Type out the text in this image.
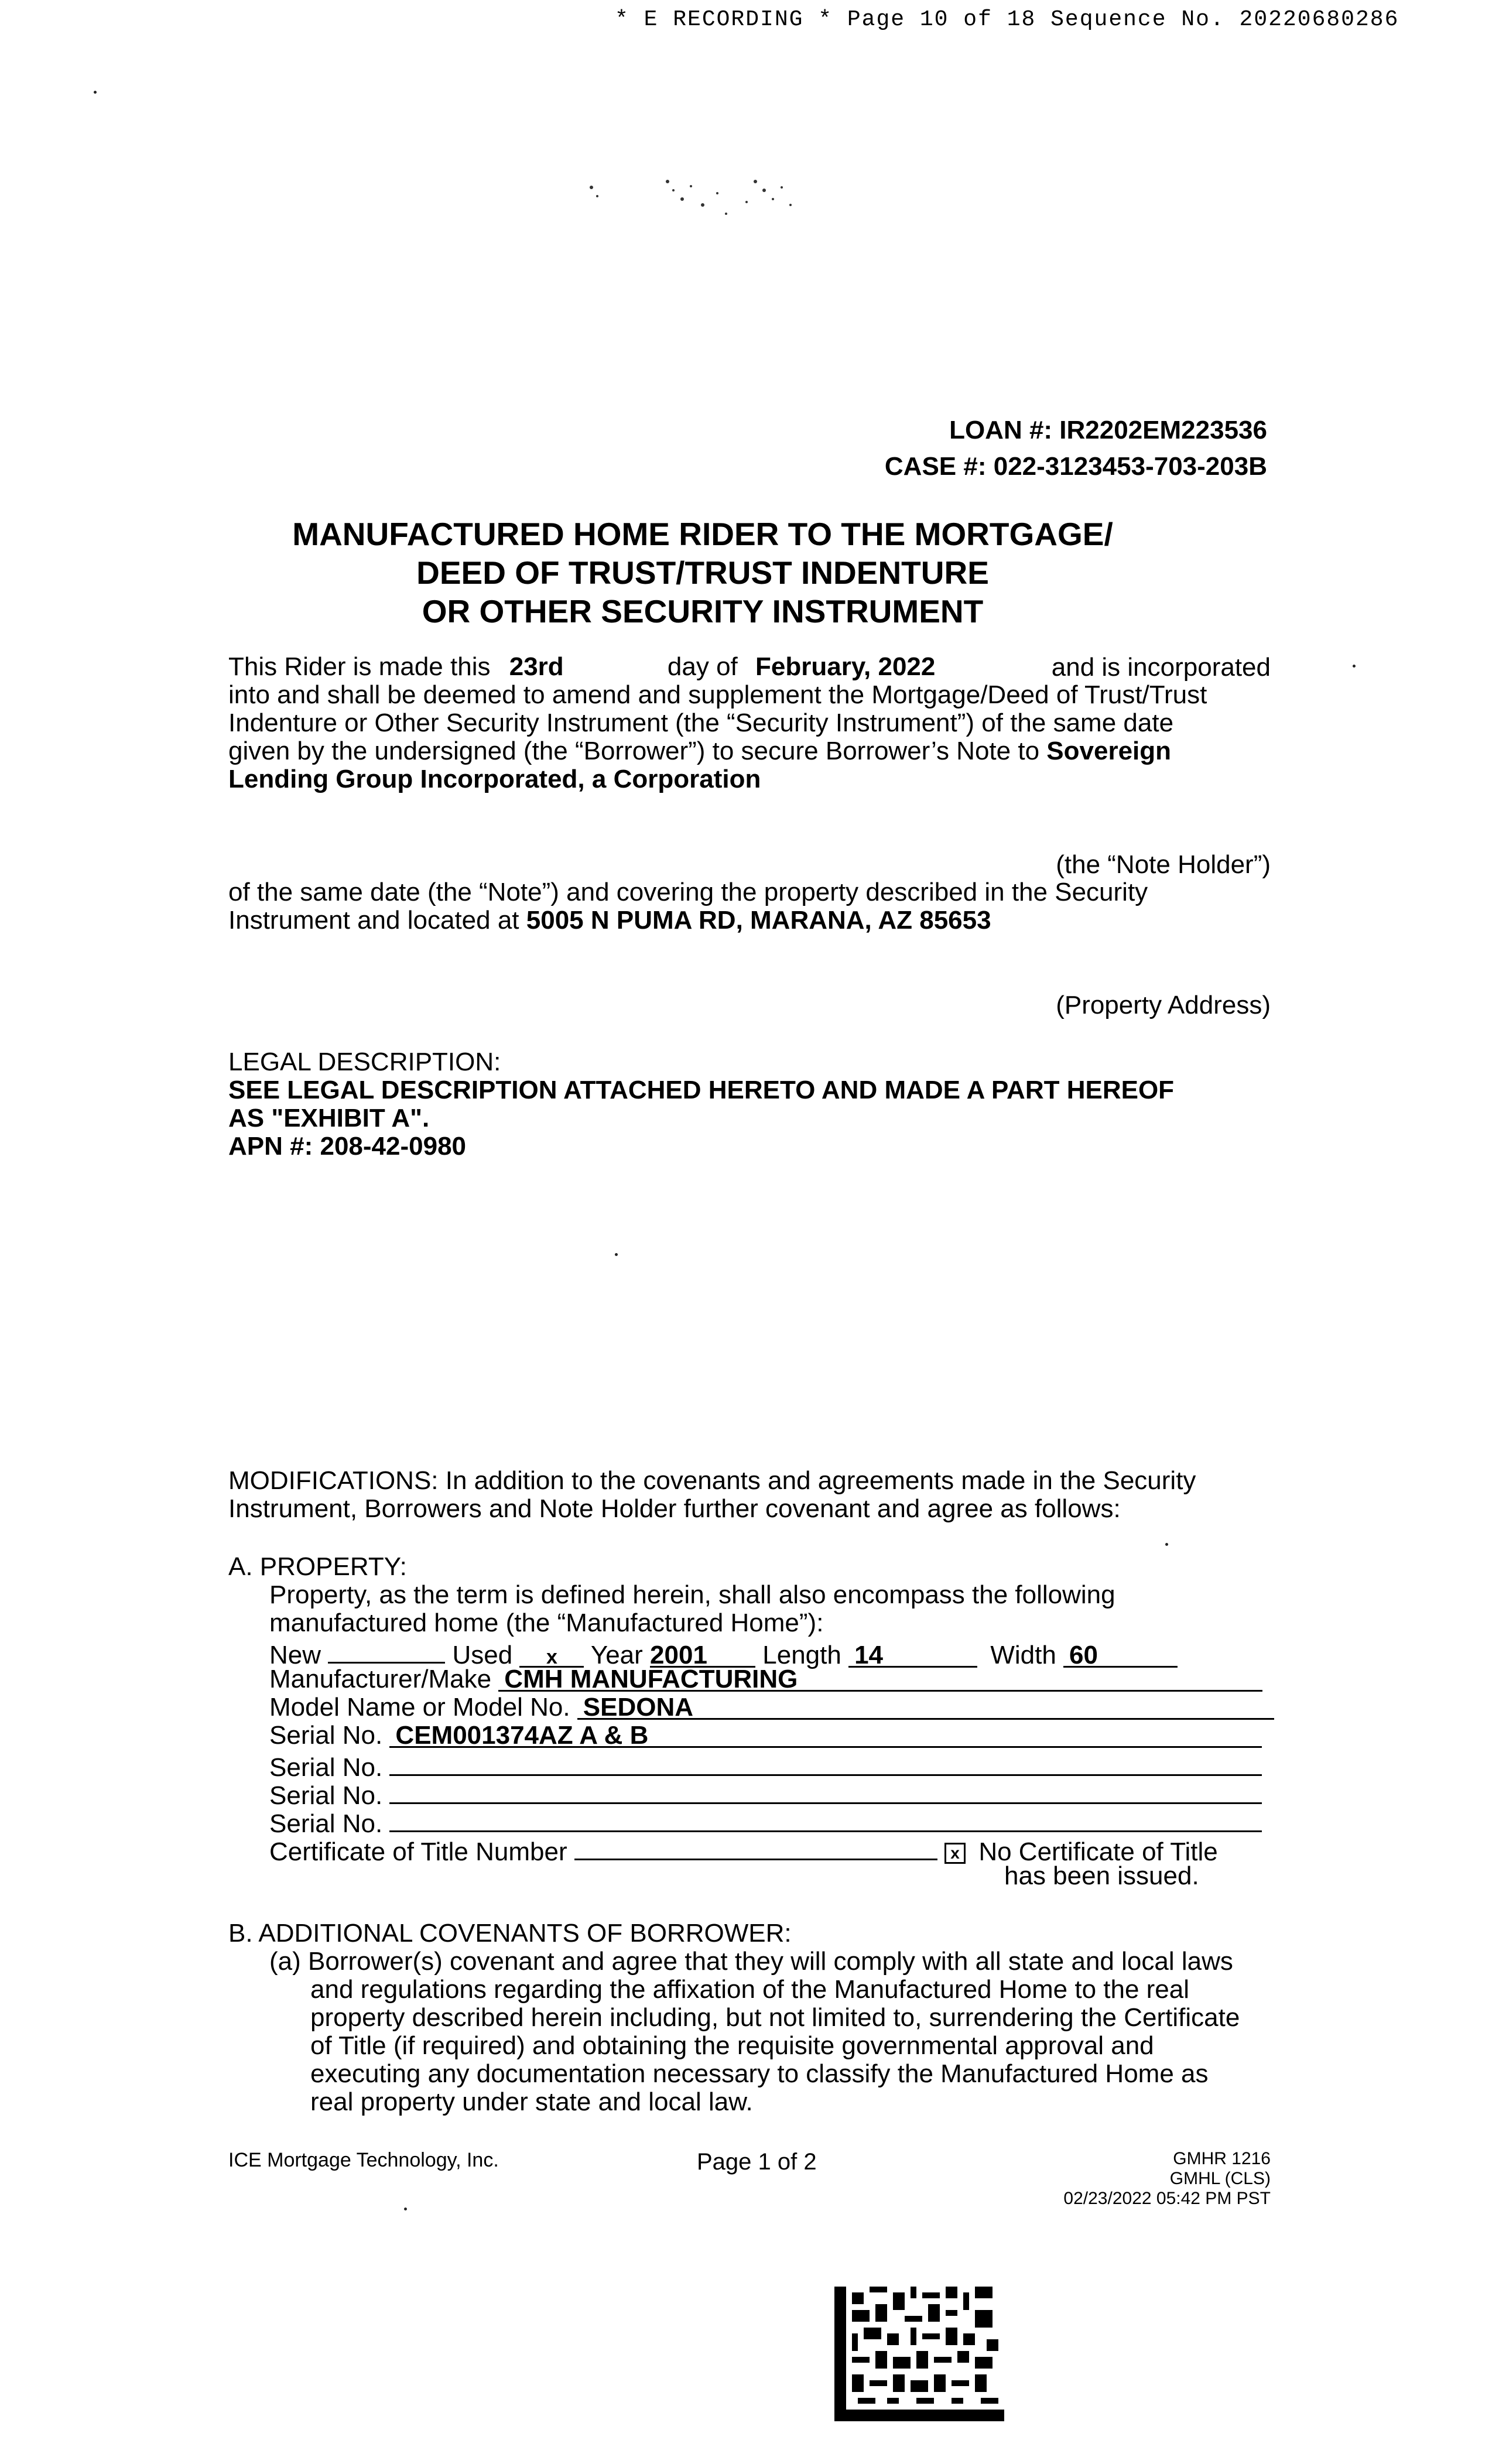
* E RECORDING * Page 10 of 18 Sequence No. 20220680286
LOAN #: IR2202EM223536
CASE #: 022-3123453-703-203B
MANUFACTURED HOME RIDER TO THE MORTGAGE/
DEED OF TRUST/TRUST INDENTURE
OR OTHER SECURITY INSTRUMENT
This Rider is made this 23rd	day of February, 2022	and is incorporated
into and shall be deemed to amend and supplement the Mortgage/Deed of Trust/Trust
Indenture or Other Security Instrument (the “Security Instrument”) of the same date
given by the undersigned (the “Borrower”) to secure Borrower’s Note to Sovereign
Lending Group Incorporated, a Corporation
(the “Note Holder”)
of the same date (the “Note”) and covering the property described in the Security
Instrument and located at 5005 N PUMA RD, MARANA, AZ 85653
(Property Address)
LEGAL DESCRIPTION:
SEE LEGAL DESCRIPTION ATTACHED HERETO AND MADE A PART HEREOF
AS "EXHIBIT A".
APN #: 208-42-0980
MODIFICATIONS: In addition to the covenants and agreements made in the Security
Instrument, Borrowers and Note Holder further covenant and agree as follows:
A. PROPERTY:
Property, as the term is defined herein, shall also encompass the following
manufactured home (the “Manufactured Home”):
New	Used x Year 2001 Length 14	Width 60
Manufacturer/Make CMH MANUFACTURING
Model Name or Model No. SEDONA
Serial No. CEM001374AZ A & B
Serial No.
Serial No.
Serial No.
Certificate of Title Number	x No Certificate of Title
has been issued.
B. ADDITIONAL COVENANTS OF BORROWER:
(a) Borrower(s) covenant and agree that they will comply with all state and local laws
and regulations regarding the affixation of the Manufactured Home to the real
property described herein including, but not limited to, surrendering the Certificate
of Title (if required) and obtaining the requisite governmental approval and
executing any documentation necessary to classify the Manufactured Home as
real property under state and local law.
ICE Mortgage Technology, Inc.	Page 1 of 2	GMHR 1216
GMHL (CLS)
02/23/2022 05:42 PM PST
